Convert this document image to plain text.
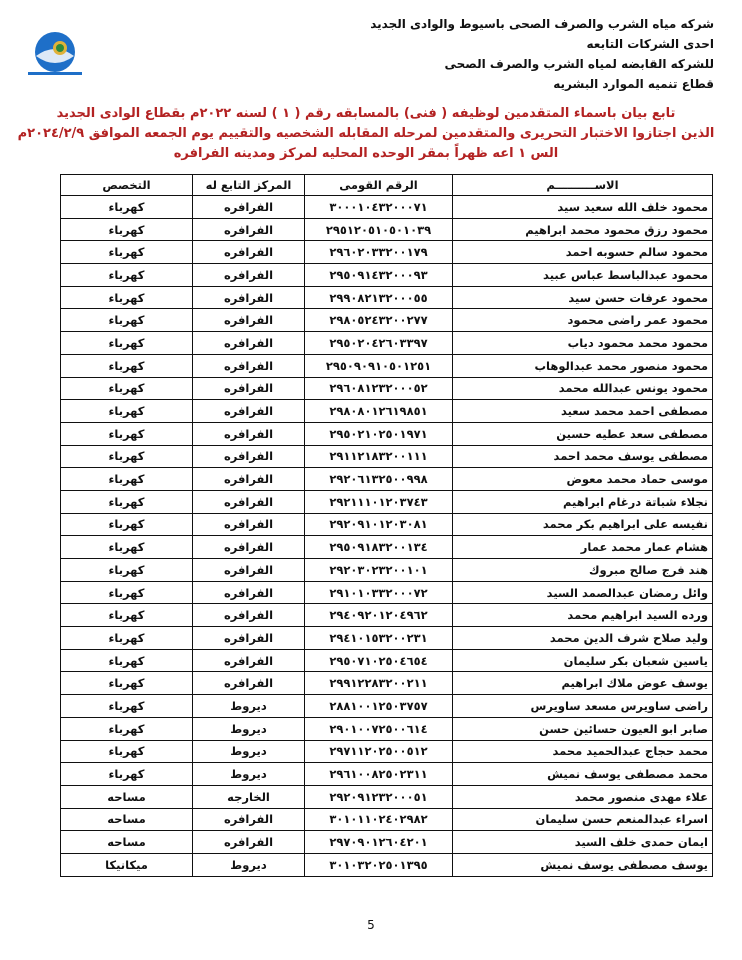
شركه مياه الشرب والصرف الصحى باسيوط والوادى الجديد
احدى الشركات التابعه
للشركه القابضه لمياه الشرب والصرف الصحى
قطاع تنميه الموارد البشريه
تابع بيان باسماء المتقدمين لوظيفه ( فنى) بالمسابقه رقم ( ١ ) لسنه ٢٠٢٢م بقطاع الوادى الجديد
الذين اجتازوا الاختبار التحريرى والمتقدمين لمرحله المقابله الشخصيه والتقييم يوم الجمعه الموافق ٢٠٢٤/٢/٩م
الس ١ اعه ظهراً بمقر الوحده المحليه لمركز ومدينه الفرافره
الاســــــــــم	الرقم القومى	المركز التابع له	التخصص
محمود خلف الله سعيد سيد	٣٠٠٠١٠٤٣٢٠٠٠٧١	الفرافره	كهرباء
محمود رزق محمود محمد ابراهيم	٢٩٥١٢٠٥١٠٥٠١٠٣٩	الفرافره	كهرباء
محمود سالم حسوبه احمد	٢٩٦٠٢٠٣٣٢٠٠١٧٩	الفرافره	كهرباء
محمود عبدالباسط عباس عبيد	٢٩٥٠٩١٤٣٢٠٠٠٩٣	الفرافره	كهرباء
محمود عرفات حسن سيد	٢٩٩٠٨٢١٣٢٠٠٠٥٥	الفرافره	كهرباء
محمود عمر راضى محمود	٢٩٨٠٥٢٤٣٢٠٠٢٧٧	الفرافره	كهرباء
محمود محمد محمود دياب	٢٩٥٠٢٠٤٢٦٠٣٣٩٧	الفرافره	كهرباء
محمود منصور محمد عبدالوهاب	٢٩٥٠٩٠٩١٠٥٠١٢٥١	الفرافره	كهرباء
محمود يونس عبدالله محمد	٢٩٦٠٨١٢٣٢٠٠٠٥٢	الفرافره	كهرباء
مصطفى احمد محمد سعيد	٢٩٨٠٨٠١٢٦١٩٨٥١	الفرافره	كهرباء
مصطفى سعد عطيه حسين	٢٩٥٠٢١٠٢٥٠١٩٧١	الفرافره	كهرباء
مصطفى يوسف محمد احمد	٢٩١١٢١٨٣٢٠٠١١١	الفرافره	كهرباء
موسى حماد محمد معوض	٢٩٢٠٦١٣٢٥٠٠٩٩٨	الفرافره	كهرباء
نجلاء شباتة درغام ابراهيم	٢٩٢١١١٠١٢٠٣٧٤٣	الفرافره	كهرباء
نفيسه على ابراهيم بكر محمد	٢٩٢٠٩١٠١٢٠٣٠٨١	الفرافره	كهرباء
هشام عمار محمد عمار	٢٩٥٠٩١٨٣٢٠٠١٣٤	الفرافره	كهرباء
هند فرج صالح مبروك	٢٩٢٠٣٠٢٣٢٠٠١٠١	الفرافره	كهرباء
وائل رمضان عبدالصمد السيد	٢٩١٠١٠٣٣٢٠٠٠٧٢	الفرافره	كهرباء
ورده السيد ابراهيم محمد	٢٩٤٠٩٢٠١٢٠٤٩٦٢	الفرافره	كهرباء
وليد صلاح شرف الدين محمد	٢٩٤١٠١٥٣٢٠٠٢٣١	الفرافره	كهرباء
ياسين شعبان بكر سليمان	٢٩٥٠٧١٠٢٥٠٤٦٥٤	الفرافره	كهرباء
يوسف عوض ملاك ابراهيم	٢٩٩١٢٢٨٣٢٠٠٢١١	الفرافره	كهرباء
راضى ساويرس مسعد ساويرس	٢٨٨١٠٠١٢٥٠٣٧٥٧	ديروط	كهرباء
صابر ابو العيون حسائين حسن	٢٩٠١٠٠٧٢٥٠٠٦١٤	ديروط	كهرباء
محمد حجاج عبدالحميد محمد	٢٩٧١١٢٠٢٥٠٠٥١٢	ديروط	كهرباء
محمد مصطفى يوسف نميش	٢٩٦١٠٠٨٢٥٠٢٣١١	ديروط	كهرباء
علاء مهدى منصور محمد	٢٩٢٠٩١٢٣٢٠٠٠٥١	الخارجه	مساحه
اسراء عبدالمنعم حسن سليمان	٣٠١٠١١٠٢٤٠٢٩٨٢	الفرافره	مساحه
ايمان حمدى خلف السيد	٢٩٧٠٩٠١٢٦٠٤٢٠١	الفرافره	مساحه
يوسف مصطفى يوسف نميش	٣٠١٠٣٢٠٢٥٠١٣٩٥	ديروط	ميكانيكا
5
